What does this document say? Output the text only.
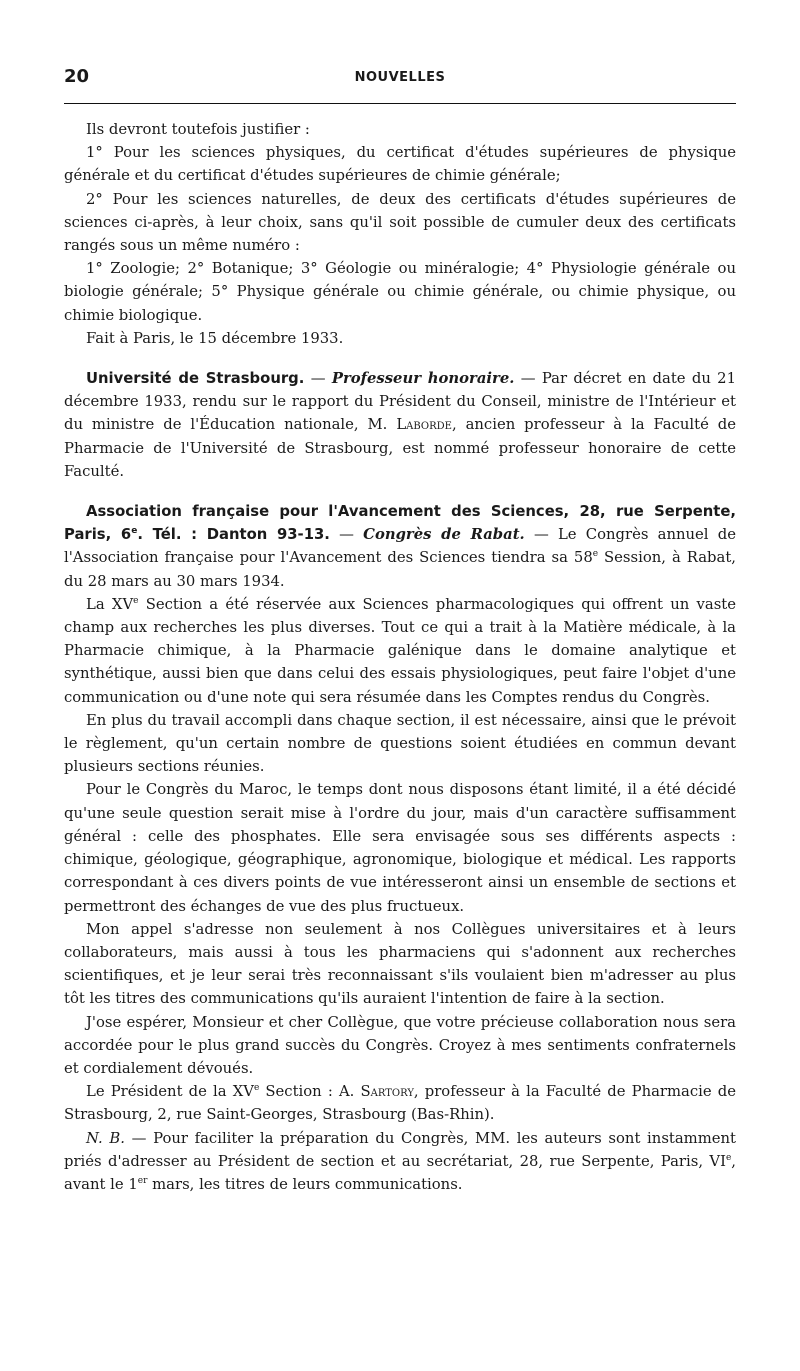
20	NOUVELLES

Ils devront toutefois justifier :

1° Pour les sciences physiques, du certificat d'études supérieures de physique générale et du certificat d'études supérieures de chimie générale;

2° Pour les sciences naturelles, de deux des certificats d'études supérieures de sciences ci-après, à leur choix, sans qu'il soit possible de cumuler deux des certificats rangés sous un même numéro :

1° Zoologie; 2° Botanique; 3° Géologie ou minéralogie; 4° Physiologie générale ou biologie générale; 5° Physique générale ou chimie générale, ou chimie physique, ou chimie biologique.

Fait à Paris, le 15 décembre 1933.

Université de Strasbourg. — Professeur honoraire. — Par décret en date du 21 décembre 1933, rendu sur le rapport du Président du Conseil, ministre de l'Intérieur et du ministre de l'Éducation nationale, M. Laborde, ancien professeur à la Faculté de Pharmacie de l'Université de Strasbourg, est nommé professeur honoraire de cette Faculté.

Association française pour l'Avancement des Sciences, 28, rue Serpente, Paris, 6e. Tél. : Danton 93-13. — Congrès de Rabat. — Le Congrès annuel de l'Association française pour l'Avancement des Sciences tiendra sa 58e Session, à Rabat, du 28 mars au 30 mars 1934.

La XVe Section a été réservée aux Sciences pharmacologiques qui offrent un vaste champ aux recherches les plus diverses. Tout ce qui a trait à la Matière médicale, à la Pharmacie chimique, à la Pharmacie galénique dans le domaine analytique et synthétique, aussi bien que dans celui des essais physiologiques, peut faire l'objet d'une communication ou d'une note qui sera résumée dans les Comptes rendus du Congrès.

En plus du travail accompli dans chaque section, il est nécessaire, ainsi que le prévoit le règlement, qu'un certain nombre de questions soient étudiées en commun devant plusieurs sections réunies.

Pour le Congrès du Maroc, le temps dont nous disposons étant limité, il a été décidé qu'une seule question serait mise à l'ordre du jour, mais d'un caractère suffisamment général : celle des phosphates. Elle sera envisagée sous ses différents aspects : chimique, géologique, géographique, agronomique, biologique et médical. Les rapports correspondant à ces divers points de vue intéresseront ainsi un ensemble de sections et permettront des échanges de vue des plus fructueux.

Mon appel s'adresse non seulement à nos Collègues universitaires et à leurs collaborateurs, mais aussi à tous les pharmaciens qui s'adonnent aux recherches scientifiques, et je leur serai très reconnaissant s'ils voulaient bien m'adresser au plus tôt les titres des communications qu'ils auraient l'intention de faire à la section.

J'ose espérer, Monsieur et cher Collègue, que votre précieuse collaboration nous sera accordée pour le plus grand succès du Congrès. Croyez à mes sentiments confraternels et cordialement dévoués.

Le Président de la XVe Section : A. Sartory, professeur à la Faculté de Pharmacie de Strasbourg, 2, rue Saint-Georges, Strasbourg (Bas-Rhin).

N. B. — Pour faciliter la préparation du Congrès, MM. les auteurs sont instamment priés d'adresser au Président de section et au secrétariat, 28, rue Serpente, Paris, VIe, avant le 1er mars, les titres de leurs communications.
